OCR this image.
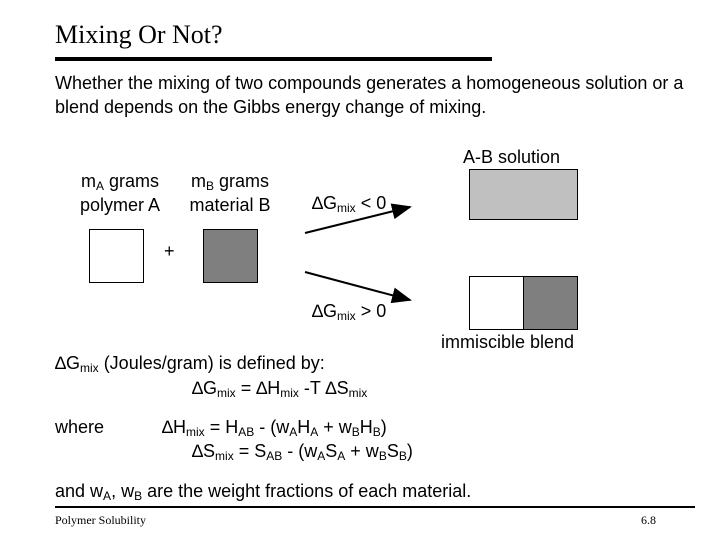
Mixing Or Not?
Whether the mixing of two compounds generates a homogeneous solution or a blend depends on the Gibbs energy change of mixing.
$m_A$ grams
polymer A
$m_B$ grams
material B
+
$\Delta G_{mix} < 0$
$\Delta G_{mix} > 0$
A-B solution
immiscible blend
$\Delta G_{mix}$ (Joules/gram) is defined by:
$\Delta G_{mix} = \Delta H_{mix}$ -T $\Delta S_{mix}$
where	$\Delta H_{mix} = H_{AB} - (w_AH_A + w_BH_B)$
$\Delta S_{mix} = S_{AB} - (w_AS_A + w_BS_B)$
and $w_A$, $w_B$ are the weight fractions of each material.
Polymer Solubility	6.8
